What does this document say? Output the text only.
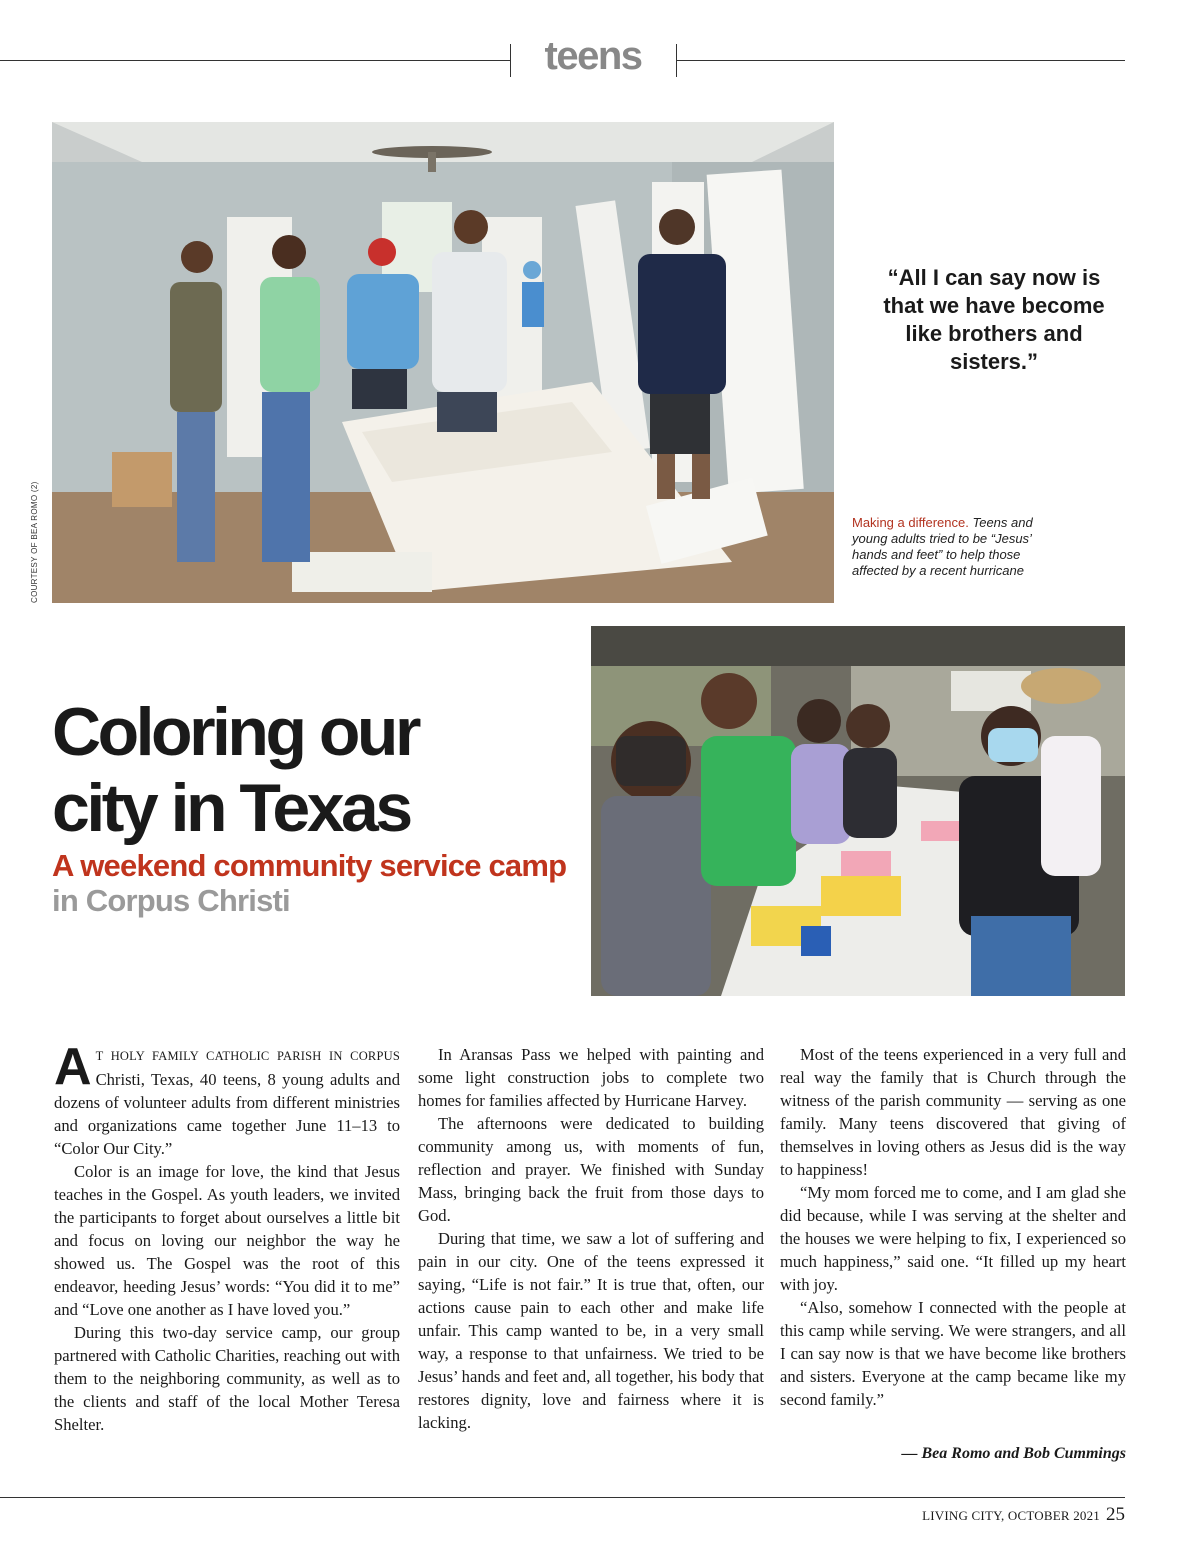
teens
COURTESY OF BEA ROMO (2)
“All I can say now is that we have become like brothers and sisters.”
Making a difference. Teens and young adults tried to be “Jesus’ hands and feet” to help those affected by a recent hurricane
Coloring our
city in Texas
A weekend community service camp in Corpus Christi

A T HOLY FAMILY CATHOLIC PARISH IN CORPUS Christi, Texas, 40 teens, 8 young adults and dozens of volunteer adults from different ministries and organizations came together June 11–13 to “Color Our City.”

Color is an image for love, the kind that Jesus teaches in the Gospel. As youth leaders, we invited the participants to forget about ourselves a little bit and focus on loving our neighbor the way he showed us. The Gospel was the root of this endeavor, heeding Jesus’ words: “You did it to me” and “Love one another as I have loved you.”

During this two-day service camp, our group partnered with Catholic Charities, reaching out with them to the neighboring community, as well as to the clients and staff of the local Mother Teresa Shelter.

In Aransas Pass we helped with painting and some light construction jobs to complete two homes for families affected by Hurricane Harvey.

The afternoons were dedicated to building community among us, with moments of fun, reflection and prayer. We finished with Sunday Mass, bringing back the fruit from those days to God.

During that time, we saw a lot of suffering and pain in our city. One of the teens expressed it saying, “Life is not fair.” It is true that, often, our actions cause pain to each other and make life unfair. This camp wanted to be, in a very small way, a response to that unfairness. We tried to be Jesus’ hands and feet and, all together, his body that restores dignity, love and fairness where it is lacking.

Most of the teens experienced in a very full and real way the family that is Church through the witness of the parish community — serving as one family. Many teens discovered that giving of themselves in loving others as Jesus did is the way to happiness!

“My mom forced me to come, and I am glad she did because, while I was serving at the shelter and the houses we were helping to fix, I experienced so much happiness,” said one. “It filled up my heart with joy.

“Also, somehow I connected with the people at this camp while serving. We were strangers, and all I can say now is that we have become like brothers and sisters. Everyone at the camp became like my second family.”

— Bea Romo and Bob Cummings
LIVING CITY, OCTOBER 2021 25
